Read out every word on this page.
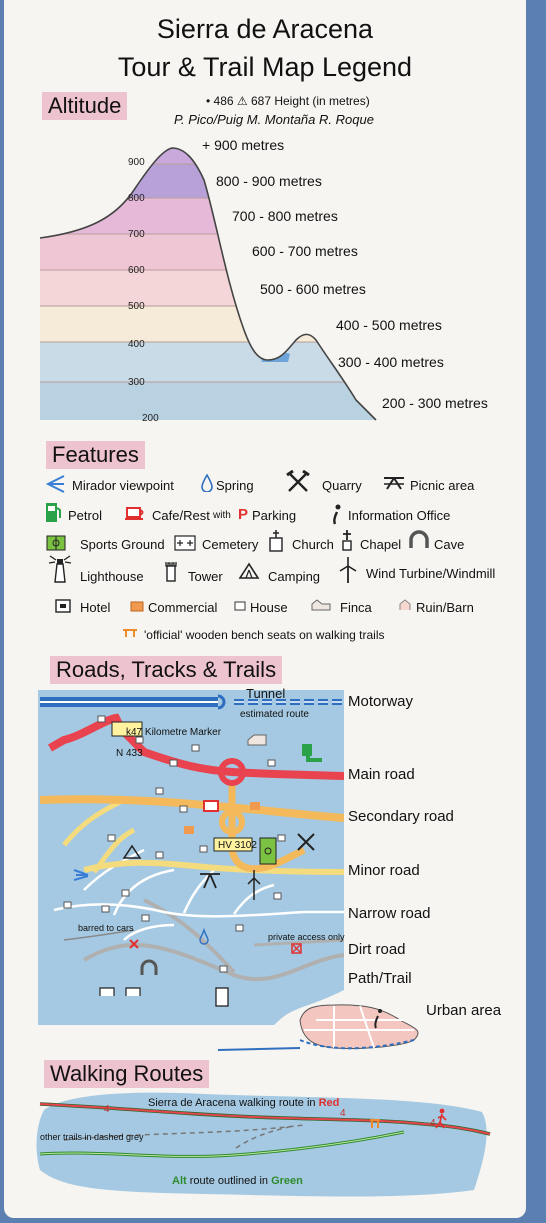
Sierra de Aracena
Tour & Trail Map Legend
Altitude	• 486 ⚠ 687 Height (in metres)
P. Pico/Puig M. Montaña R. Roque
900
800
700
600
500
400
300
200
+ 900 metres
800 - 900 metres
700 - 800 metres
600 - 700 metres
500 - 600 metres
400 - 500 metres
300 - 400 metres
200 - 300 metres
Features
Mirador viewpoint	Spring	Quarry	Picnic area
Petrol	Cafe/Rest with P Parking	Information Office
Sports Ground	Cemetery	Church Chapel	Cave
Lighthouse	Tower	Camping	Wind Turbine/Windmill
Hotel	Commercial	House	Finca	Ruin/Barn
'official' wooden bench seats on walking trails
Roads, Tracks & Trails
Tunnel
estimated route
k47 Kilometre Marker
N 433
HV 3102
barred to cars
private access only
Motorway
Main road
Secondary road
Minor road
Narrow road
Dirt road
Path/Trail
Urban area
Walking Routes
4	4
4
Sierra de Aracena walking route in Red
other trails in dashed grey
Alt route outlined in Green
